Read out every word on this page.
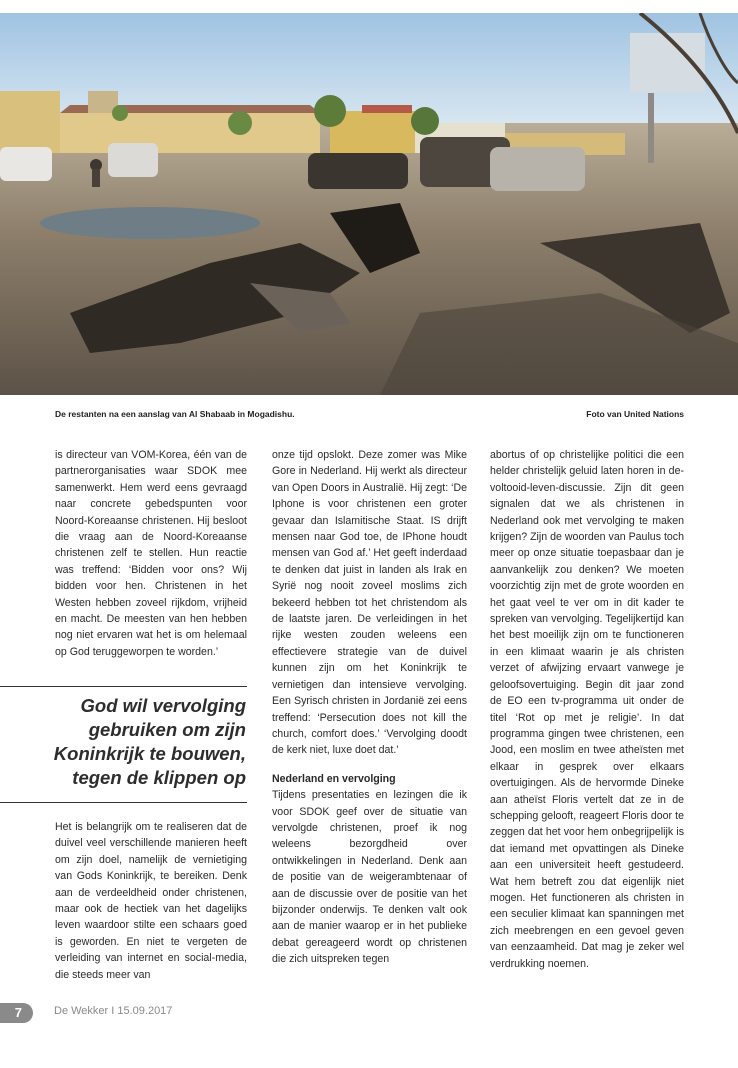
De restanten na een aanslag van Al Shabaab in Mogadishu.	Foto van United Nations

is directeur van VOM-Korea, één van de partnerorganisaties waar SDOK mee samenwerkt. Hem werd eens gevraagd naar concrete gebedspunten voor Noord-Koreaanse christenen. Hij besloot die vraag aan de Noord-Koreaanse christenen zelf te stellen. Hun reactie was treffend: ‘Bidden voor ons? Wij bidden voor hen. Christenen in het Westen hebben zoveel rijkdom, vrijheid en macht. De meesten van hen hebben nog niet ervaren wat het is om helemaal op God teruggeworpen te worden.’

God wil vervolging gebruiken om zijn Koninkrijk te bouwen, tegen de klippen op

Het is belangrijk om te realiseren dat de duivel veel verschillende manieren heeft om zijn doel, namelijk de vernietiging van Gods Koninkrijk, te bereiken. Denk aan de verdeeldheid onder christenen, maar ook de hectiek van het dagelijks leven waardoor stilte een schaars goed is geworden. En niet te vergeten de verleiding van internet en social-media, die steeds meer van

onze tijd opslokt. Deze zomer was Mike Gore in Nederland. Hij werkt als directeur van Open Doors in Australië. Hij zegt: ‘De Iphone is voor christenen een groter gevaar dan Islamitische Staat. IS drijft mensen naar God toe, de IPhone houdt mensen van God af.’ Het geeft inderdaad te denken dat juist in landen als Irak en Syrië nog nooit zoveel moslims zich bekeerd hebben tot het christendom als de laatste jaren. De verleidingen in het rijke westen zouden weleens een effectievere strategie van de duivel kunnen zijn om het Koninkrijk te vernietigen dan intensieve vervolging. Een Syrisch christen in Jordanië zei eens treffend: ‘Persecution does not kill the church, comfort does.’ ‘Vervolging doodt de kerk niet, luxe doet dat.’

Nederland en vervolging

Tijdens presentaties en lezingen die ik voor SDOK geef over de situatie van vervolgde christenen, proef ik nog weleens bezorgdheid over ontwikkelingen in Nederland. Denk aan de positie van de weigerambtenaar of aan de discussie over de positie van het bijzonder onderwijs. Te denken valt ook aan de manier waarop er in het publieke debat gereageerd wordt op christenen die zich uitspreken tegen

abortus of op christelijke politici die een helder christelijk geluid laten horen in de-voltooid-leven-discussie. Zijn dit geen signalen dat we als christenen in Nederland ook met vervolging te maken krijgen? Zijn de woorden van Paulus toch meer op onze situatie toepasbaar dan je aanvankelijk zou denken? We moeten voorzichtig zijn met de grote woorden en het gaat veel te ver om in dit kader te spreken van vervolging. Tegelijkertijd kan het best moeilijk zijn om te functioneren in een klimaat waarin je als christen verzet of afwijzing ervaart vanwege je geloofsovertuiging. Begin dit jaar zond de EO een tv-programma uit onder de titel ‘Rot op met je religie’. In dat programma gingen twee christenen, een Jood, een moslim en twee atheïsten met elkaar in gesprek over elkaars overtuigingen. Als de hervormde Dineke aan atheïst Floris vertelt dat ze in de schepping gelooft, reageert Floris door te zeggen dat het voor hem onbegrijpelijk is dat iemand met opvattingen als Dineke aan een universiteit heeft gestudeerd. Wat hem betreft zou dat eigenlijk niet mogen. Het functioneren als christen in een seculier klimaat kan spanningen met zich meebrengen en een gevoel geven van eenzaamheid. Dat mag je zeker wel verdrukking noemen.

7	De Wekker I 15.09.2017
